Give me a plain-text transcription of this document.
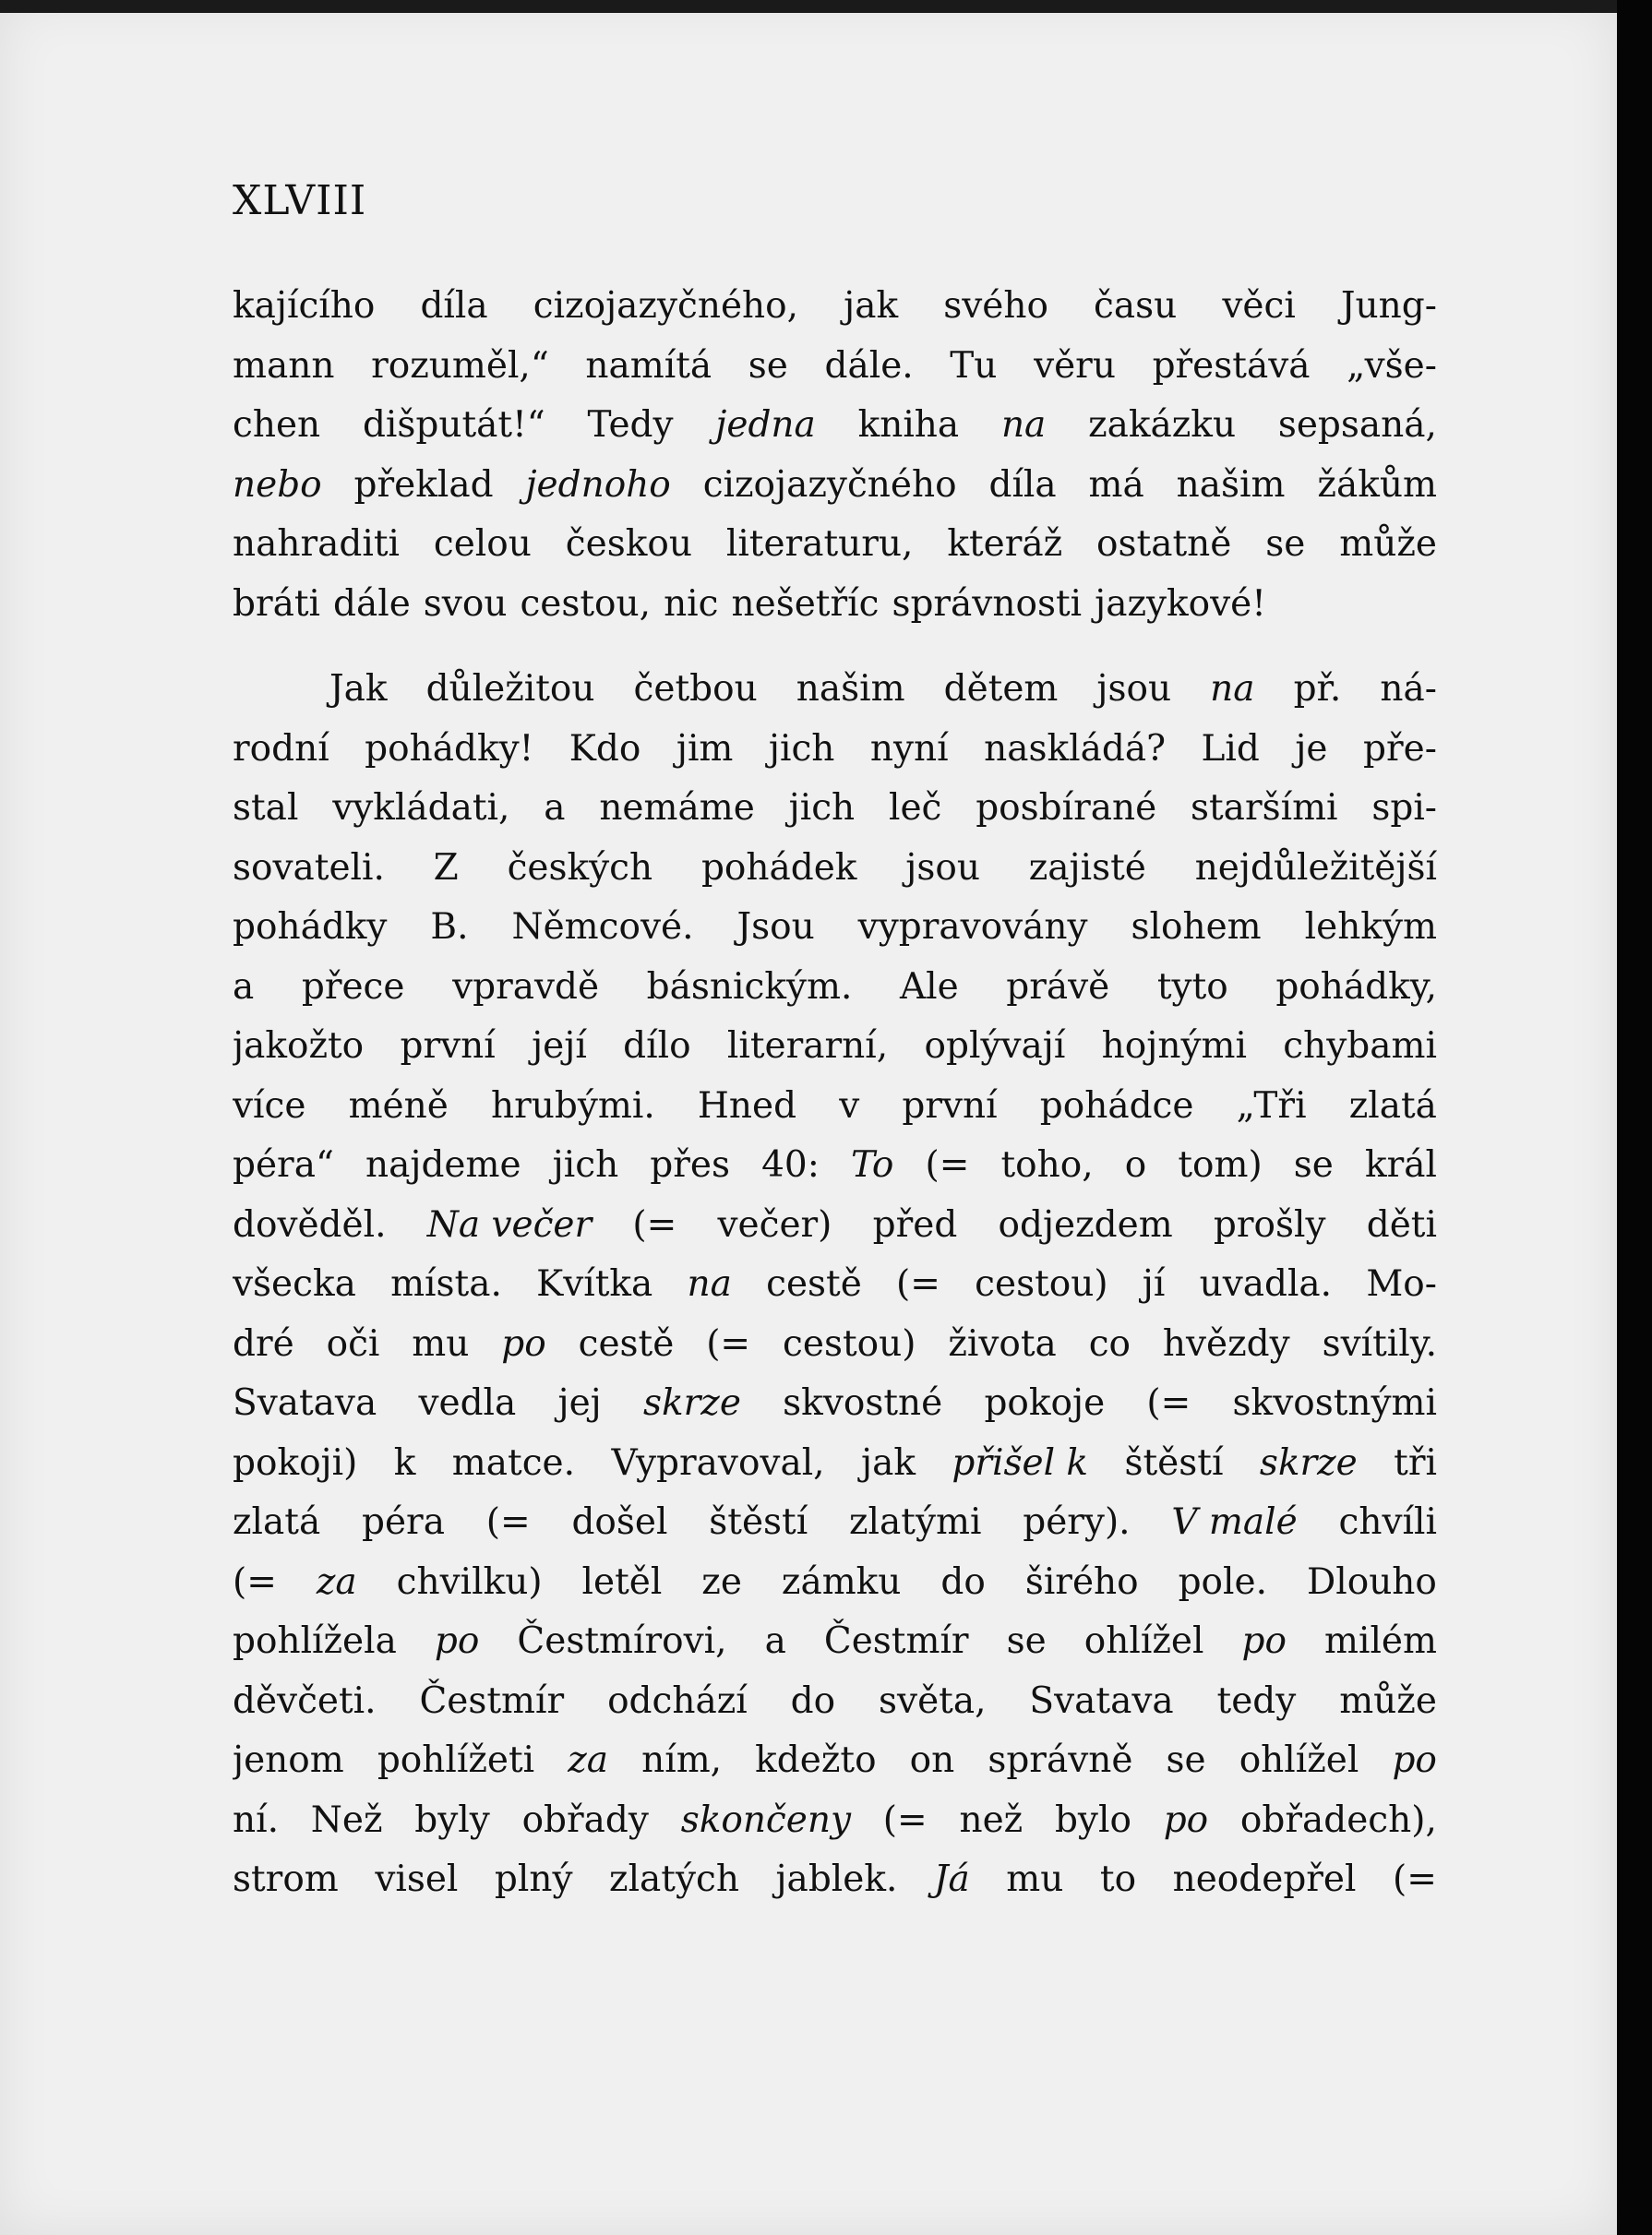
XLVIII
kajícího díla cizojazyčného, jak svého času věci Jung-
mann rozuměl,“ namítá se dále. Tu věru přestává „vše-
chen dišputát!“ Tedy jedna kniha na zakázku sepsaná,
nebo překlad jednoho cizojazyčného díla má našim žákům
nahraditi celou českou literaturu, kteráž ostatně se může
bráti dále svou cestou, nic nešetříc správnosti jazykové!
Jak důležitou četbou našim dětem jsou na př. ná-
rodní pohádky! Kdo jim jich nyní naskládá? Lid je pře-
stal vykládati, a nemáme jich leč posbírané staršími spi-
sovateli. Z českých pohádek jsou zajisté nejdůležitější
pohádky B. Němcové. Jsou vypravovány slohem lehkým
a přece vpravdě básnickým. Ale právě tyto pohádky,
jakožto první její dílo literarní, oplývají hojnými chybami
více méně hrubými. Hned v první pohádce „Tři zlatá
péra“ najdeme jich přes 40: To (= toho, o tom) se král
dověděl. Na večer (= večer) před odjezdem prošly děti
všecka místa. Kvítka na cestě (= cestou) jí uvadla. Mo-
dré oči mu po cestě (= cestou) života co hvězdy svítily.
Svatava vedla jej skrze skvostné pokoje (= skvostnými
pokoji) k matce. Vypravoval, jak přišel k štěstí skrze tři
zlatá péra (= došel štěstí zlatými péry). V malé chvíli
(= za chvilku) letěl ze zámku do širého pole. Dlouho
pohlížela po Čestmírovi, a Čestmír se ohlížel po milém
děvčeti. Čestmír odchází do světa, Svatava tedy může
jenom pohlížeti za ním, kdežto on správně se ohlížel po
ní. Než byly obřady skončeny (= než bylo po obřadech),
strom visel plný zlatých jablek. Já mu to neodepřel (=
